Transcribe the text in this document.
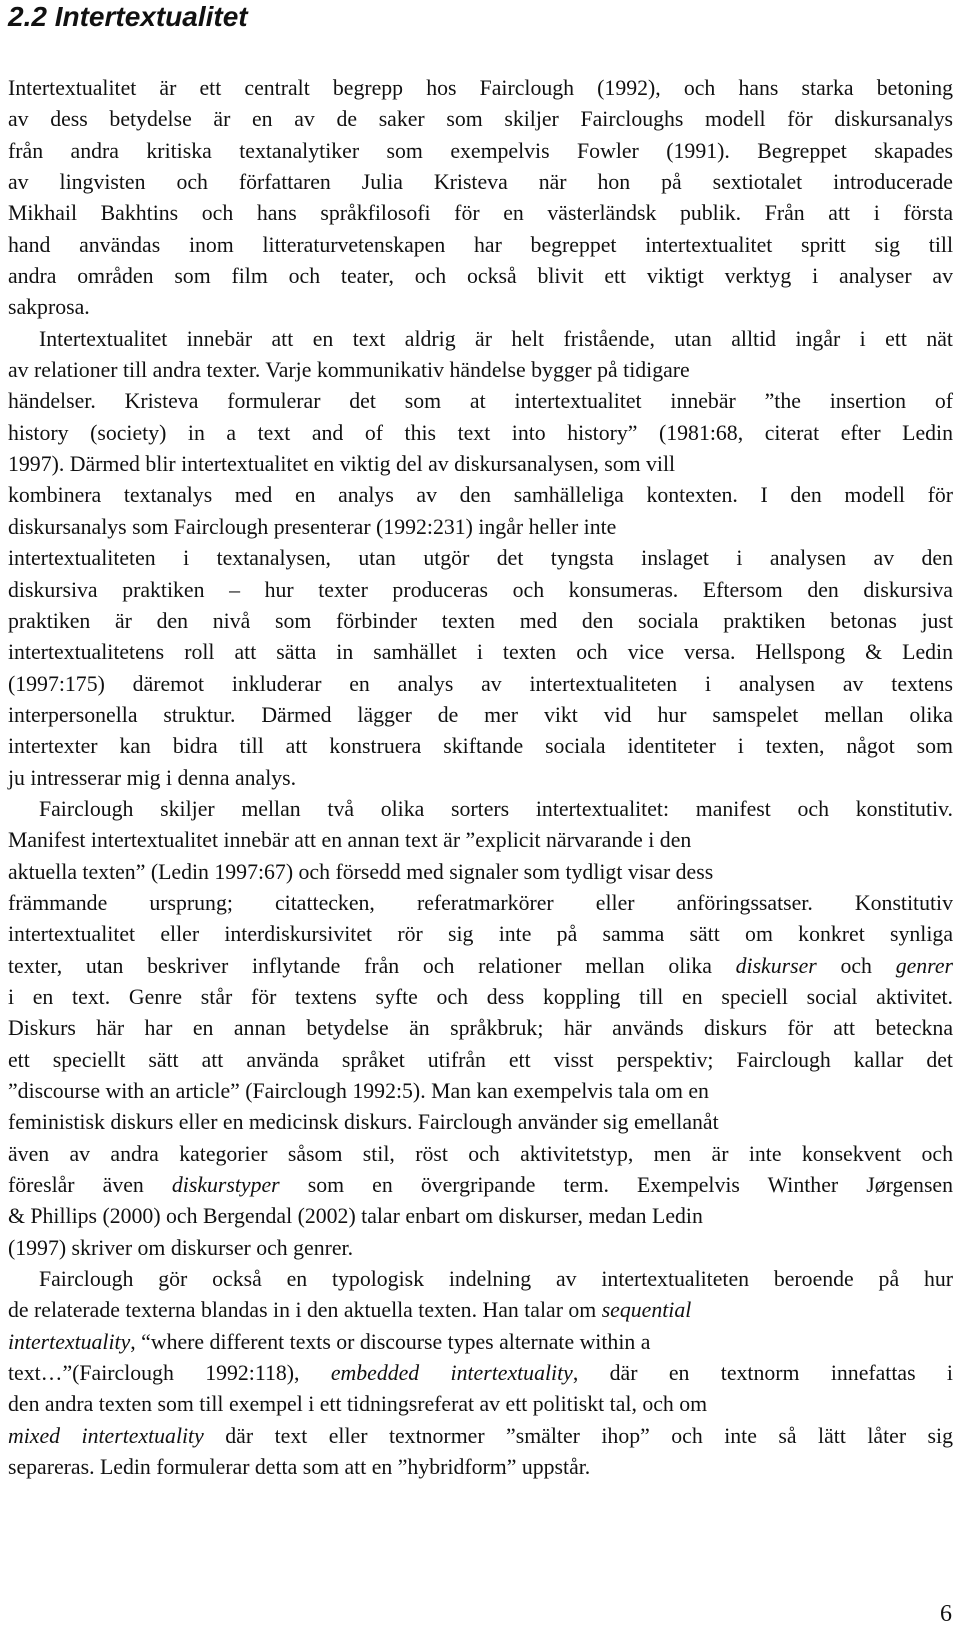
2.2 Intertextualitet
Intertextualitet är ett centralt begrepp hos Fairclough (1992), och hans starka betoning
av dess betydelse är en av de saker som skiljer Faircloughs modell för diskursanalys
från andra kritiska textanalytiker som exempelvis Fowler (1991). Begreppet skapades
av lingvisten och författaren Julia Kristeva när hon på sextiotalet introducerade
Mikhail Bakhtins och hans språkfilosofi för en västerländsk publik. Från att i första
hand användas inom litteraturvetenskapen har begreppet intertextualitet spritt sig till
andra områden som film och teater, och också blivit ett viktigt verktyg i analyser av
sakprosa.
Intertextualitet innebär att en text aldrig är helt fristående, utan alltid ingår i ett nät
av relationer till andra texter. Varje kommunikativ händelse bygger på tidigare
händelser. Kristeva formulerar det som at intertextualitet innebär ”the insertion of
history (society) in a text and of this text into history” (1981:68, citerat efter Ledin
1997). Därmed blir intertextualitet en viktig del av diskursanalysen, som vill
kombinera textanalys med en analys av den samhälleliga kontexten. I den modell för
diskursanalys som Fairclough presenterar (1992:231) ingår heller inte
intertextualiteten i textanalysen, utan utgör det tyngsta inslaget i analysen av den
diskursiva praktiken – hur texter produceras och konsumeras. Eftersom den diskursiva
praktiken är den nivå som förbinder texten med den sociala praktiken betonas just
intertextualitetens roll att sätta in samhället i texten och vice versa. Hellspong & Ledin
(1997:175) däremot inkluderar en analys av intertextualiteten i analysen av textens
interpersonella struktur. Därmed lägger de mer vikt vid hur samspelet mellan olika
intertexter kan bidra till att konstruera skiftande sociala identiteter i texten, något som
ju intresserar mig i denna analys.
Fairclough skiljer mellan två olika sorters intertextualitet: manifest och konstitutiv.
Manifest intertextualitet innebär att en annan text är ”explicit närvarande i den
aktuella texten” (Ledin 1997:67) och försedd med signaler som tydligt visar dess
främmande ursprung; citattecken, referatmarkörer eller anföringssatser. Konstitutiv
intertextualitet eller interdiskursivitet rör sig inte på samma sätt om konkret synliga
texter, utan beskriver inflytande från och relationer mellan olika diskurser och genrer
i en text. Genre står för textens syfte och dess koppling till en speciell social aktivitet.
Diskurs här har en annan betydelse än språkbruk; här används diskurs för att beteckna
ett speciellt sätt att använda språket utifrån ett visst perspektiv; Fairclough kallar det
”discourse with an article” (Fairclough 1992:5). Man kan exempelvis tala om en
feministisk diskurs eller en medicinsk diskurs. Fairclough använder sig emellanåt
även av andra kategorier såsom stil, röst och aktivitetstyp, men är inte konsekvent och
föreslår även diskurstyper som en övergripande term. Exempelvis Winther Jørgensen
& Phillips (2000) och Bergendal (2002) talar enbart om diskurser, medan Ledin
(1997) skriver om diskurser och genrer.
Fairclough gör också en typologisk indelning av intertextualiteten beroende på hur
de relaterade texterna blandas in i den aktuella texten. Han talar om sequential
intertextuality, “where different texts or discourse types alternate within a
text…”(Fairclough 1992:118), embedded intertextuality, där en textnorm innefattas i
den andra texten som till exempel i ett tidningsreferat av ett politiskt tal, och om
mixed intertextuality där text eller textnormer ”smälter ihop” och inte så lätt låter sig
separeras. Ledin formulerar detta som att en ”hybridform” uppstår.
6
